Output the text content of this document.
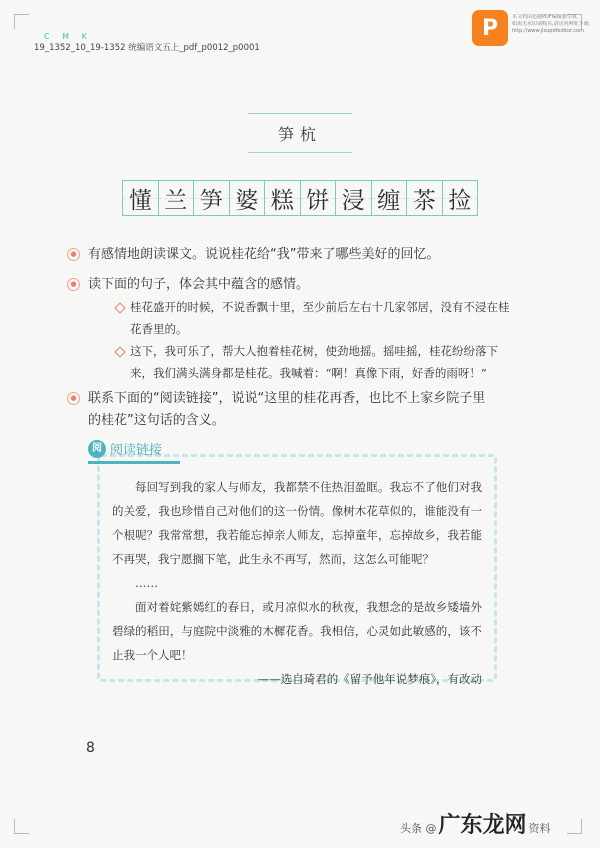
C M K
19_1352_10_19-1352 统编语文五上_pdf_p0012_p0001
P	本文档由迅捷PDF编辑器生成,
如需无水印请购买,请访问网址下载:
http://www.jisupdfeditor.com
笋杭
懂 兰 笋 婆 糕 饼 浸 缠 茶 捡
● 有感情地朗读课文。说说桂花给“我”带来了哪些美好的回忆。
● 读下面的句子，体会其中蕴含的感情。
桂花盛开的时候，不说香飘十里，至少前后左右十几家邻居，没有不浸在桂花香里的。
这下，我可乐了，帮大人抱着桂花树，使劲地摇。摇哇摇，桂花纷纷落下来，我们满头满身都是桂花。我喊着：“啊！真像下雨，好香的雨呀！”
● 联系下面的“阅读链接”，说说“这里的桂花再香，也比不上家乡院子里的桂花”这句话的含义。
阅 阅读链接

每回写到我的家人与师友，我都禁不住热泪盈眶。我忘不了他们对我的关爱，我也珍惜自己对他们的这一份情。像树木花草似的，谁能没有一个根呢？我常常想，我若能忘掉亲人师友，忘掉童年，忘掉故乡，我若能不再哭，我宁愿搁下笔，此生永不再写，然而，这怎么可能呢？

……

面对着姹紫嫣红的春日，或月凉似水的秋夜，我想念的是故乡矮墙外碧绿的稻田，与庭院中淡雅的木樨花香。我相信，心灵如此敏感的，该不止我一个人吧！

——选自琦君的《留予他年说梦痕》，有改动

8
头条 @ 广东龙网 资料
